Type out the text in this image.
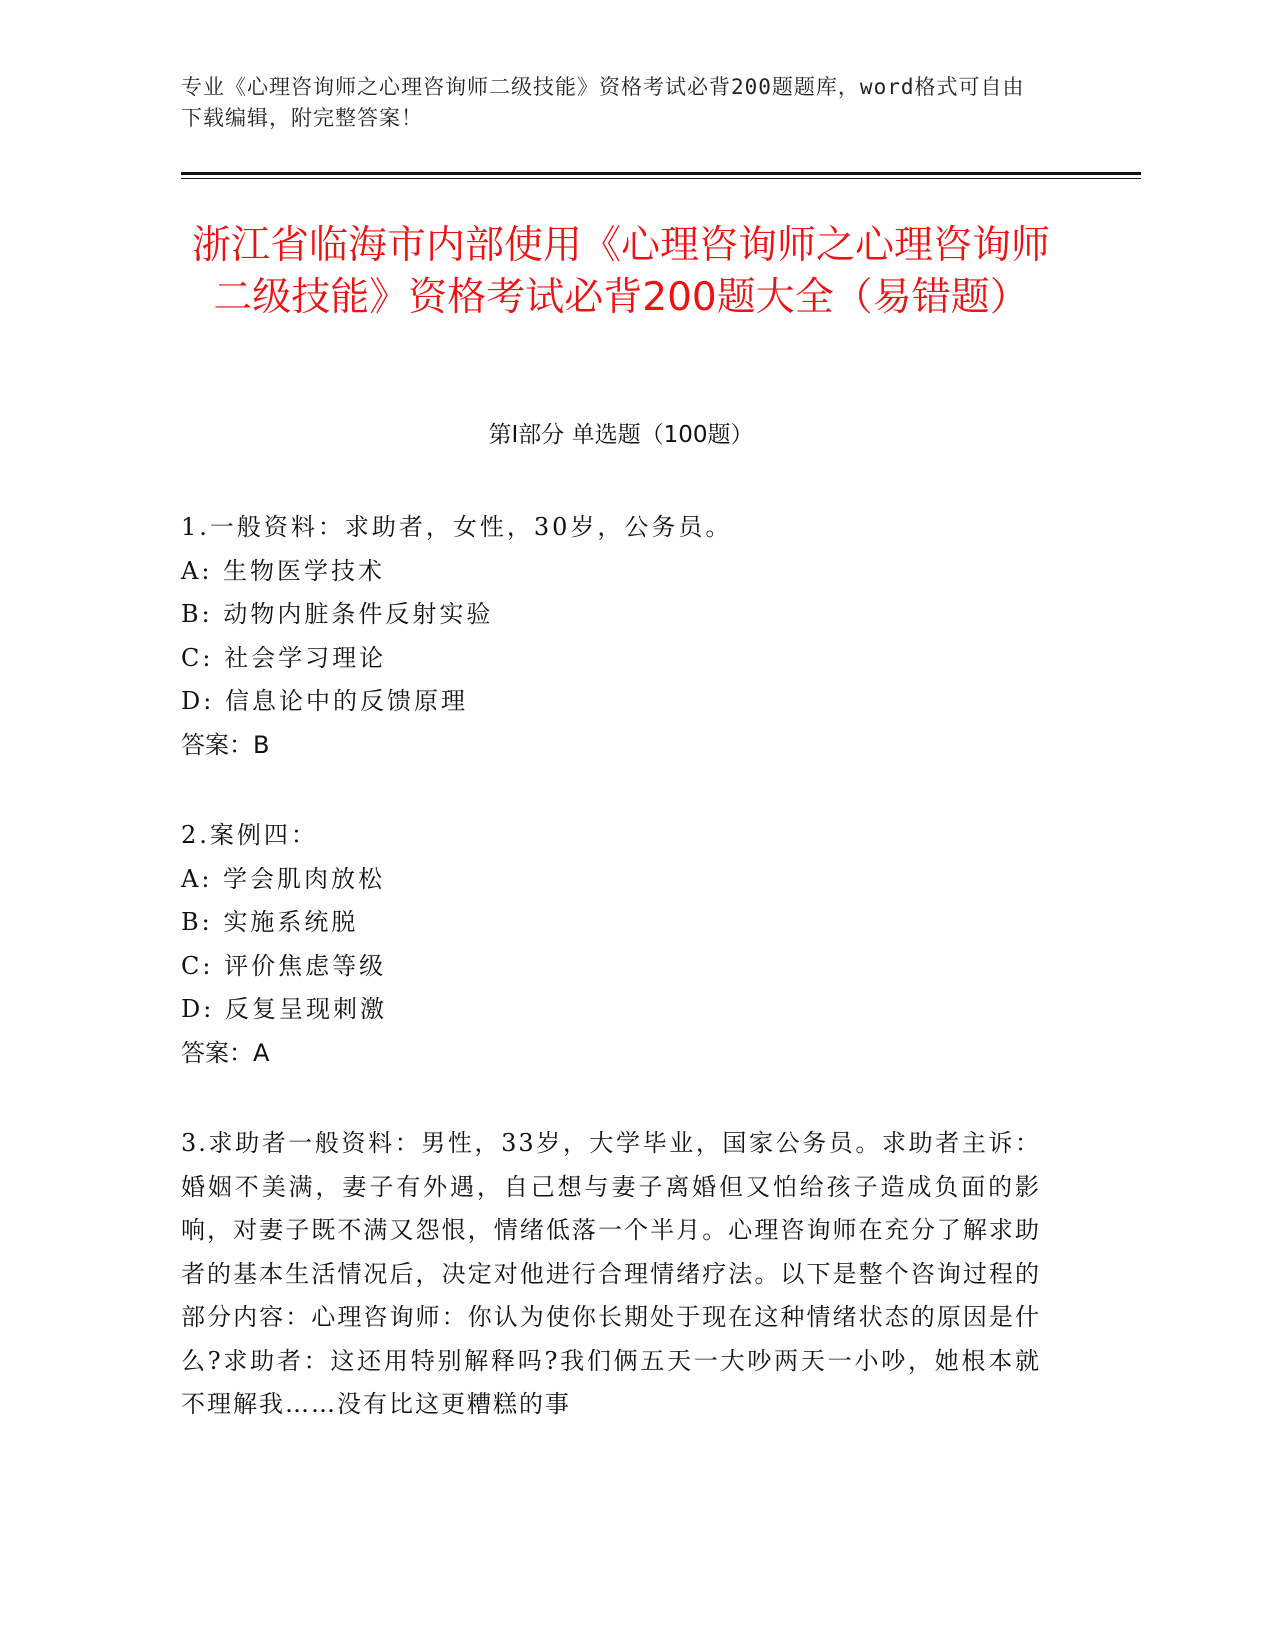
专业《心理咨询师之心理咨询师二级技能》资格考试必背200题题库，word格式可自由下载编辑，附完整答案！
浙江省临海市内部使用《心理咨询师之心理咨询师二级技能》资格考试必背200题大全（易错题）
第Ⅰ部分 单选题（100题）
1.一般资料：求助者，女性，30岁，公务员。
A: 生物医学技术
B: 动物内脏条件反射实验
C: 社会学习理论
D: 信息论中的反馈原理
答案：B
2.案例四：
A: 学会肌肉放松
B: 实施系统脱
C: 评价焦虑等级
D: 反复呈现刺激
答案：A
3.求助者一般资料：男性，33岁，大学毕业，国家公务员。求助者主诉：婚姻不美满，妻子有外遇，自己想与妻子离婚但又怕给孩子造成负面的影响，对妻子既不满又怨恨，情绪低落一个半月。心理咨询师在充分了解求助者的基本生活情况后，决定对他进行合理情绪疗法。以下是整个咨询过程的部分内容：心理咨询师：你认为使你长期处于现在这种情绪状态的原因是什么?求助者：这还用特别解释吗?我们俩五天一大吵两天一小吵，她根本就不理解我……没有比这更糟糕的事
